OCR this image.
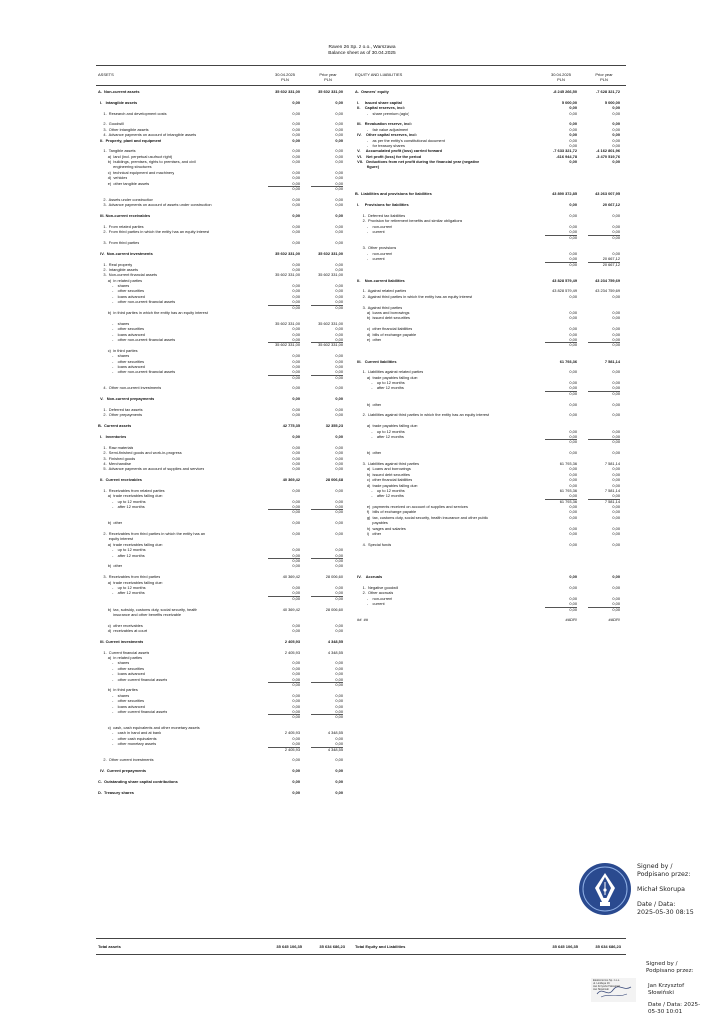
Raven 26 Sp. z o.o., Warszawa
Balance sheet as of 30.04.2025
ASSETS	30.04.2025
PLN
Prior year
PLN
EQUITY AND LIABILITIES	30.04.2025
PLN
Prior year
PLN
A.  Non-current assets	35 602 331,00	35 602 331,00
I.   Intangible assets	0,00	0,00
1.  Research and development costs	0,00	0,00
2.  Goodwill	0,00	0,00
3.  Other intangible assets	0,00	0,00
4.  Advance payments on account of intangible assets	0,00	0,00
II.  Property, plant and equipment	0,00	0,00
1.  Tangible assets	0,00	0,00
a)  land (incl. perpetual usufruct right)	0,00	0,00
b)  buildings, premises, rights to premises, and civil	0,00	0,00
engineering structures
c)  technical equipment and machinery	0,00	0,00
d)  vehicles	0,00	0,00
e)  other tangible assets	0,00	0,00
0,00	0,00
2.  Assets under construction	0,00	0,00
3.  Advance payments on account of assets under construction	0,00	0,00
III. Non-current receivables	0,00	0,00
1.  From related parties	0,00	0,00
2.  From third parties in which the entity has an equity interest	0,00	0,00
3.  From third parties	0,00	0,00
IV.  Non-current investments	35 602 331,00	35 602 331,00
1.  Real property	0,00	0,00
2.  Intangible assets	0,00	0,00
3.  Non-current financial assets	35 602 331,00	35 602 331,00
a)  in related parties
-    shares	0,00	0,00
-    other securities	0,00	0,00
-    loans advanced	0,00	0,00
-    other non-current financial assets	0,00	0,00
0,00	0,00
b)  in third parties in which the entity has an equity interest
-    shares	35 602 331,00	35 602 331,00
-    other securities	0,00	0,00
-    loans advanced	0,00	0,00
-    other non-current financial assets	0,00	0,00
35 602 331,00	35 602 331,00
c)  in third parties
-    shares	0,00	0,00
-    other securities	0,00	0,00
-    loans advanced	0,00	0,00
-    other non-current financial assets	0,00	0,00
0,00	0,00
4.  Other non-current investments	0,00	0,00
V.   Non-current prepayments	0,00	0,00
1.  Deferred tax assets	0,00	0,00
2.  Other prepayments	0,00	0,00
B.  Current assets	42 775,35	32 355,23
I.   Inventories	0,00	0,00
1.  Raw materials	0,00	0,00
2.  Semi-finished goods and work-in-progress	0,00	0,00
3.  Finished goods	0,00	0,00
4.  Merchandise	0,00	0,00
5.  Advance payments on account of supplies and services	0,00	0,00
II.  Current receivables	40 369,42	28 006,68
1.  Receivables from related parties	0,00	0,00
a)  trade receivables falling due:
-    up to 12 months	0,00	0,00
-    after 12 months	0,00	0,00
0,00	0,00
b)  other	0,00	0,00
2.  Receivables from third parties in which the entity has an	0,00	0,00
equity interest
a)  trade receivables falling due:
-    up to 12 months	0,00	0,00
-    after 12 months	0,00	0,00
0,00	0,00
b)  other	0,00	0,00
3.  Receivables from third parties	40 369,42	28 006,60
a)  trade receivables falling due:
-    up to 12 months	0,00	0,00
-    after 12 months	0,00	0,00
0,00	0,00
b)  tax, subsidy, customs duty, social security, health	40 369,42	28 006,60
insurance and other benefits receivable
c)  other receivables	0,00	0,00
d)  receivables at court	0,00	0,00
III. Current investments	2 405,93	4 348,55
1.  Current financial assets	2 405,93	4 348,55
a)  in related parties
-    shares	0,00	0,00
-    other securities	0,00	0,00
-    loans advanced	0,00	0,00
-    other current financial assets	0,00	0,00
0,00	0,00
b)  in third parties
-    shares	0,00	0,00
-    other securities	0,00	0,00
-    loans advanced	0,00	0,00
-    other current financial assets	0,00	0,00
0,00	0,00
c)  cash, cash equivalents and other monetary assets
-    cash in hand and at bank	2 405,93	4 348,55
-    other cash equivalents	0,00	0,00
-    other monetary assets	0,00	0,00
2 405,93	4 348,55
2.  Other current investments	0,00	0,00
IV.  Current prepayments	0,00	0,00
C.  Outstanding share capital contributions	0,00	0,00
D.  Treasury shares	0,00	0,00
A.  Owners' equity	-8 245 266,50	-7 628 321,72
I.     Issued share capital	5 000,00	5 000,00
II.    Capital reserves, incl:	0,00	0,00
-    share premium (agio)	0,00	0,00
III.   Revaluation reserve, incl:	0,00	0,00
-    fair value adjustment	0,00	0,00
IV.    Other capital reserves, incl:	0,00	0,00
-    as per the entity's constitutional document	0,00	0,00
-    for treasury shares	0,00	0,00
V.     Accumulated profit (loss) carried forward	-7 633 321,72	-4 162 801,96
VI.    Net profit (loss) for the period	-616 944,78	-3 470 519,76
VII.   Deductions from net profit during the financial year (negative	0,00	0,00
figure)
B.  Liabilities and provisions for liabilities	43 890 372,85	43 263 007,95
I.     Provisions for liabilities	0,00	20 667,12
1.  Deferred tax liabilities	0,00	0,00
2.  Provision for retirement benefits and similar obligations
-    non-current	0,00	0,00
-    current	0,00	0,00
0,00	0,00
3.  Other provisions
-    non-current	0,00	0,00
-    current	0,00	20 667,12
0,00	20 667,12
II.    Non-current liabilities	43 828 579,49	43 234 759,69
1.  Against related parties	43 828 579,49	43 234 759,69
2.  Against third parties in which the entity has an equity interest	0,00	0,00
3.  Against third parties
a)  loans and borrowings	0,00	0,00
b)  issued debt securities	0,00	0,00
c)  other financial liabilities	0,00	0,00
d)  bills of exchange payable	0,00	0,00
e)  other	0,00	0,00
0,00	0,00
III.   Current liabilities	61 793,36	7 581,14
1.  Liabilities against related parties	0,00	0,00
a)  trade payables falling due:
-    up to 12 months	0,00	0,00
-    after 12 months	0,00	0,00
0,00	0,00
b)  other	0,00	0,00
2.  Liabilities against third parties in which the entity has an equity interest	0,00	0,00
a)  trade payables falling due:
-    up to 12 months	0,00	0,00
-    after 12 months	0,00	0,00
0,00	0,00
b)  other	0,00	0,00
3.  Liabilities against third parties	61 793,36	7 581,14
a)  Loans and borrowings	0,00	0,00
b)  issued debt securities	0,00	0,00
c)  other financial liabilities	0,00	0,00
d)  trade payables falling due:	0,00	0,00
-    up to 12 months	61 793,36	7 581,14
-    after 12 months	0,00	0,00
61 793,36	7 581,14
e)  payments received on account of supplies and services	0,00	0,00
f)   bills of exchange payable	0,00	0,00
g)  tax, customs duty, social security, health insurance and other public	0,00	0,00
payables
h)  wages and salaries	0,00	0,00
i)   other	0,00	0,00
4.  Special funds	0,00	0,00
IV.    Accruals	0,00	0,00
1.  Negative goodwill	0,00	0,00
2.  Other accruals
-    non-current	0,00	0,00
-    current	0,00	0,00
0,00	0,00
##  ##	#ADR!	#ADR!
Total assets	35 645 106,35	35 634 686,23	Total Equity and Liabilities	35 645 106,35	35 634 686,23
Signed by /
Podpisano przez:
Michał Skorupa
Date / Data:
2025-05-30 08:15
Elektroriorms Sp. z o.o.
ul. Lindleya 16
Jan Krzysztof Słowiński
Jan Słowiński
Signed by /
Podpisano przez:
Jan Krzysztof
Słowiński
Date / Data: 2025-
05-30 10:01
